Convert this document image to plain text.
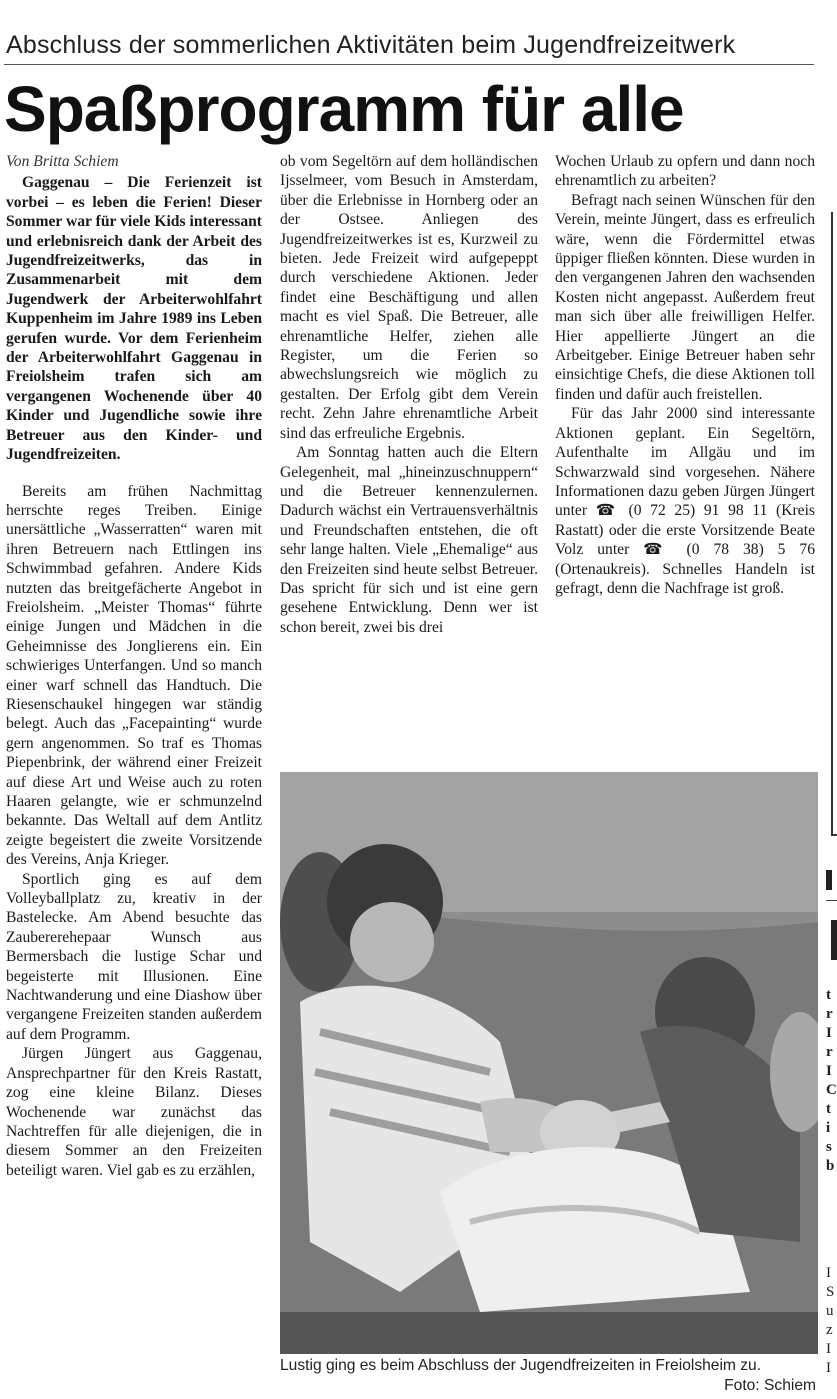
Abschluss der sommerlichen Aktivitäten beim Jugendfreizeitwerk
Spaßprogramm für alle
Von Britta Schiem

Gaggenau – Die Ferienzeit ist vorbei – es leben die Ferien! Dieser Sommer war für viele Kids interessant und erlebnisreich dank der Arbeit des Jugendfreizeitwerks, das in Zusammenarbeit mit dem Jugendwerk der Arbeiterwohlfahrt Kuppenheim im Jahre 1989 ins Leben gerufen wurde. Vor dem Ferienheim der Arbeiterwohlfahrt Gaggenau in Freiolsheim trafen sich am vergangenen Wochenende über 40 Kinder und Jugendliche sowie ihre Betreuer aus den Kinder- und Jugendfreizeiten.

Bereits am frühen Nachmittag herrschte reges Treiben. Einige unersättliche „Wasserratten“ waren mit ihren Betreuern nach Ettlingen ins Schwimmbad gefahren. Andere Kids nutzten das breitgefächerte Angebot in Freiolsheim. „Meister Thomas“ führte einige Jungen und Mädchen in die Geheimnisse des Jonglierens ein. Ein schwieriges Unterfangen. Und so manch einer warf schnell das Handtuch. Die Riesenschaukel hingegen war ständig belegt. Auch das „Facepainting“ wurde gern angenommen. So traf es Thomas Piepenbrink, der während einer Freizeit auf diese Art und Weise auch zu roten Haaren gelangte, wie er schmunzelnd bekannte. Das Weltall auf dem Antlitz zeigte begeistert die zweite Vorsitzende des Vereins, Anja Krieger.

Sportlich ging es auf dem Volleyballplatz zu, kreativ in der Bastelecke. Am Abend besuchte das Zaubererehepaar Wunsch aus Bermersbach die lustige Schar und begeisterte mit Illusionen. Eine Nachtwanderung und eine Diashow über vergangene Freizeiten standen außerdem auf dem Programm.

Jürgen Jüngert aus Gaggenau, Ansprechpartner für den Kreis Rastatt, zog eine kleine Bilanz. Dieses Wochenende war zunächst das Nachtreffen für alle diejenigen, die in diesem Sommer an den Freizeiten beteiligt waren. Viel gab es zu erzählen,

ob vom Segeltörn auf dem holländischen Ijsselmeer, vom Besuch in Amsterdam, über die Erlebnisse in Hornberg oder an der Ostsee. Anliegen des Jugendfreizeitwerkes ist es, Kurzweil zu bieten. Jede Freizeit wird aufgepeppt durch verschiedene Aktionen. Jeder findet eine Beschäftigung und allen macht es viel Spaß. Die Betreuer, alle ehrenamtliche Helfer, ziehen alle Register, um die Ferien so abwechslungsreich wie möglich zu gestalten. Der Erfolg gibt dem Verein recht. Zehn Jahre ehrenamtliche Arbeit sind das erfreuliche Ergebnis.

Am Sonntag hatten auch die Eltern Gelegenheit, mal „hineinzuschnuppern“ und die Betreuer kennenzulernen. Dadurch wächst ein Vertrauensverhältnis und Freundschaften entstehen, die oft sehr lange halten. Viele „Ehemalige“ aus den Freizeiten sind heute selbst Betreuer. Das spricht für sich und ist eine gern gesehene Entwicklung. Denn wer ist schon bereit, zwei bis drei

Wochen Urlaub zu opfern und dann noch ehrenamtlich zu arbeiten?

Befragt nach seinen Wünschen für den Verein, meinte Jüngert, dass es erfreulich wäre, wenn die Fördermittel etwas üppiger fließen könnten. Diese wurden in den vergangenen Jahren den wachsenden Kosten nicht angepasst. Außerdem freut man sich über alle freiwilligen Helfer. Hier appellierte Jüngert an die Arbeitgeber. Einige Betreuer haben sehr einsichtige Chefs, die diese Aktionen toll finden und dafür auch freistellen.

Für das Jahr 2000 sind interessante Aktionen geplant. Ein Segeltörn, Aufenthalte im Allgäu und im Schwarzwald sind vorgesehen. Nähere Informationen dazu geben Jürgen Jüngert unter ☎ (0 72 25) 91 98 11 (Kreis Rastatt) oder die erste Vorsitzende Beate Volz unter ☎ (0 78 38) 5 76 (Ortenaukreis). Schnelles Handeln ist gefragt, denn die Nachfrage ist groß.

Lustig ging es beim Abschluss der Jugendfreizeiten in Freiolsheim zu.
Foto: Schiem
t
r
I
r
I
C
t
i
s
b
I
S
u
z
I
I
